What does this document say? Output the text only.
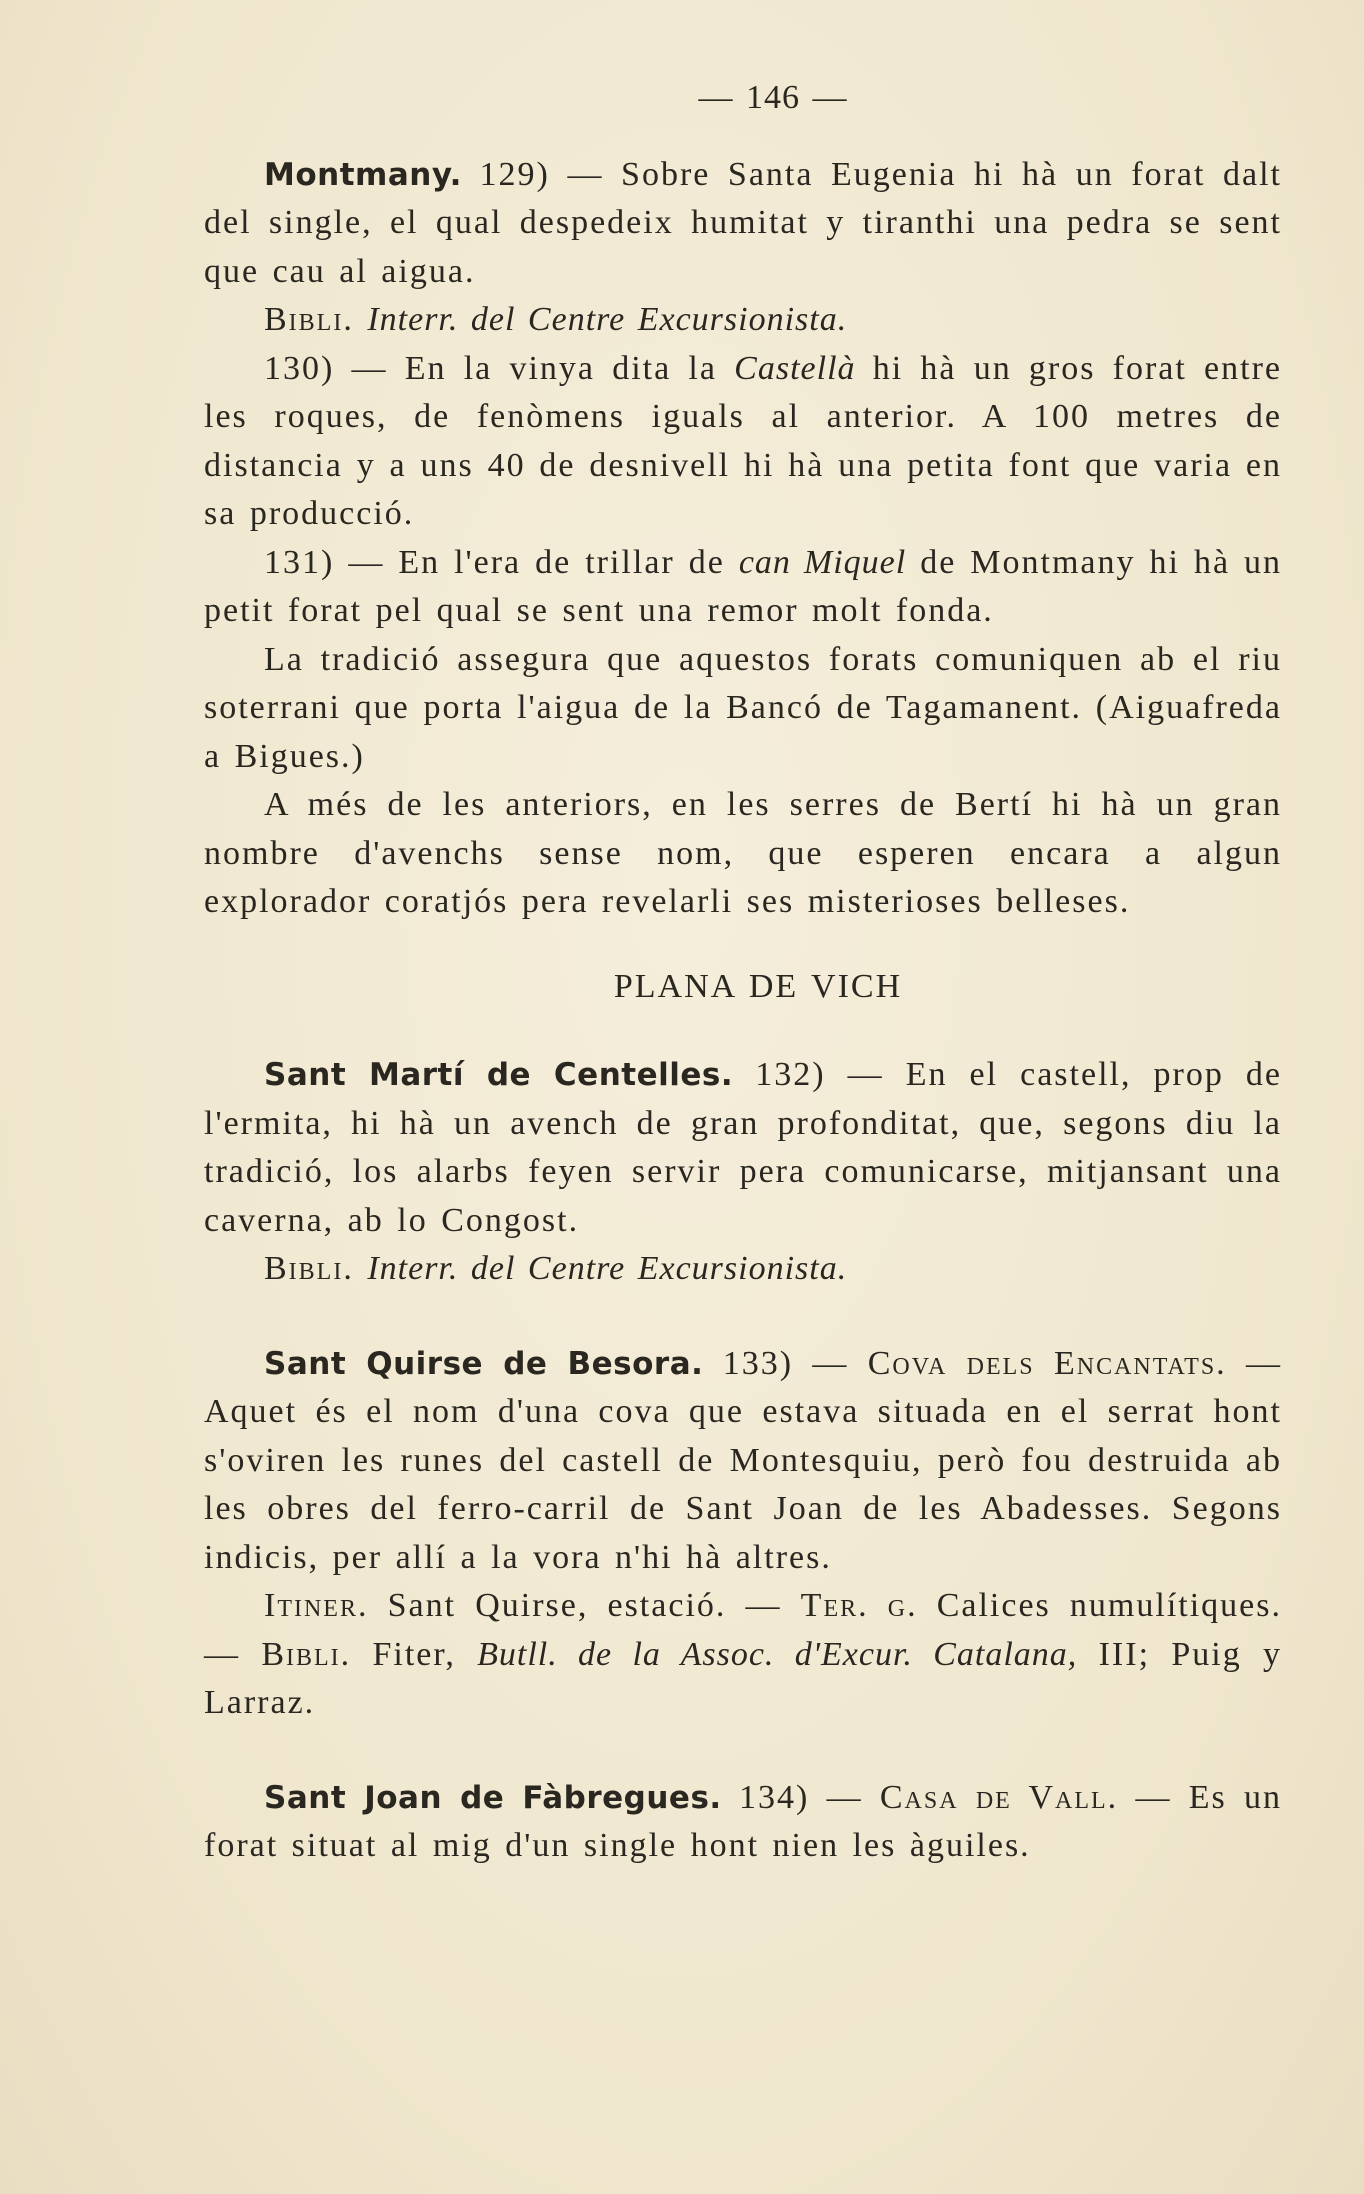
— 146 —

Montmany. 129) — Sobre Santa Eugenia hi hà un forat dalt del single, el qual despedeix humitat y tiranthi una pedra se sent que cau al aigua.

Bibli. Interr. del Centre Excursionista.

130) — En la vinya dita la Castellà hi hà un gros forat entre les roques, de fenòmens iguals al anterior. A 100 metres de distancia y a uns 40 de desnivell hi hà una petita font que varia en sa producció.

131) — En l'era de trillar de can Miquel de Montmany hi hà un petit forat pel qual se sent una remor molt fonda.

La tradició assegura que aquestos forats comuniquen ab el riu soterrani que porta l'aigua de la Bancó de Tagamanent. (Aiguafreda a Bigues.)

A més de les anteriors, en les serres de Bertí hi hà un gran nombre d'avenchs sense nom, que esperen encara a algun explorador coratjós pera revelarli ses misterioses belleses.

PLANA DE VICH

Sant Martí de Centelles. 132) — En el castell, prop de l'ermita, hi hà un avench de gran profonditat, que, segons diu la tradició, los alarbs feyen servir pera comunicarse, mitjansant una caverna, ab lo Congost.

Bibli. Interr. del Centre Excursionista.

Sant Quirse de Besora. 133) — Cova dels Encantats. — Aquet és el nom d'una cova que estava situada en el serrat hont s'oviren les runes del castell de Montesquiu, però fou destruida ab les obres del ferro-carril de Sant Joan de les Abadesses. Segons indicis, per allí a la vora n'hi hà altres.

Itiner. Sant Quirse, estació. — Ter. g. Calices numulítiques. — Bibli. Fiter, Butll. de la Assoc. d'Excur. Catalana, III; Puig y Larraz.

Sant Joan de Fàbregues. 134) — Casa de Vall. — Es un forat situat al mig d'un single hont nien les àguiles.
